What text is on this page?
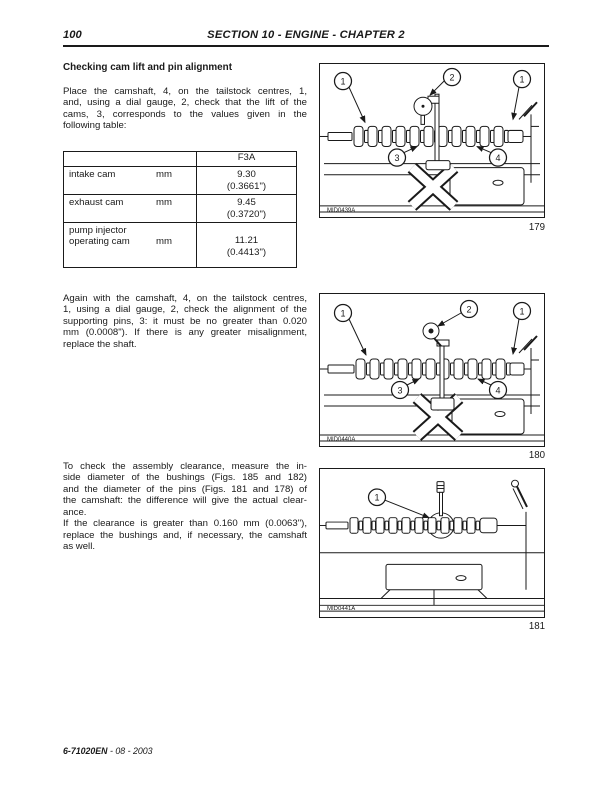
100	SECTION 10 - ENGINE - CHAPTER 2
Checking cam lift and pin alignment
Place the camshaft, 4, on the tailstock centres, 1,
and, using a dial gauge, 2, check that the lift of the
cams, 3, corresponds to the values given in the
following table:
	F3A
intake cam	mm	9.30
(0.3661")

exhaust cam	mm	9.45
(0.3720")

pump injector
operating cam	mm	11.21
(0.4413")
Again with the camshaft, 4, on the tailstock centres,
1, using a dial gauge, 2, check the alignment of the
supporting pins, 3: it must be no greater than 0.020
mm (0.0008"). If there is any greater misalignment,
replace the shaft.
To check the assembly clearance, measure the in-
side diameter of the bushings (Figs. 185 and 182)
and the diameter of the pins (Figs. 181 and 178) of
the camshaft: the difference will give the actual clear-
ance.
If the clearance is greater than 0.160 mm (0.0063"),
replace the bushings and, if necessary, the camshaft
as well.
1	2	1
3	4
MID0439A
179
1	2	1
3	4
MID0440A
180
1
MID0441A
181
6-71020EN - 08 - 2003
